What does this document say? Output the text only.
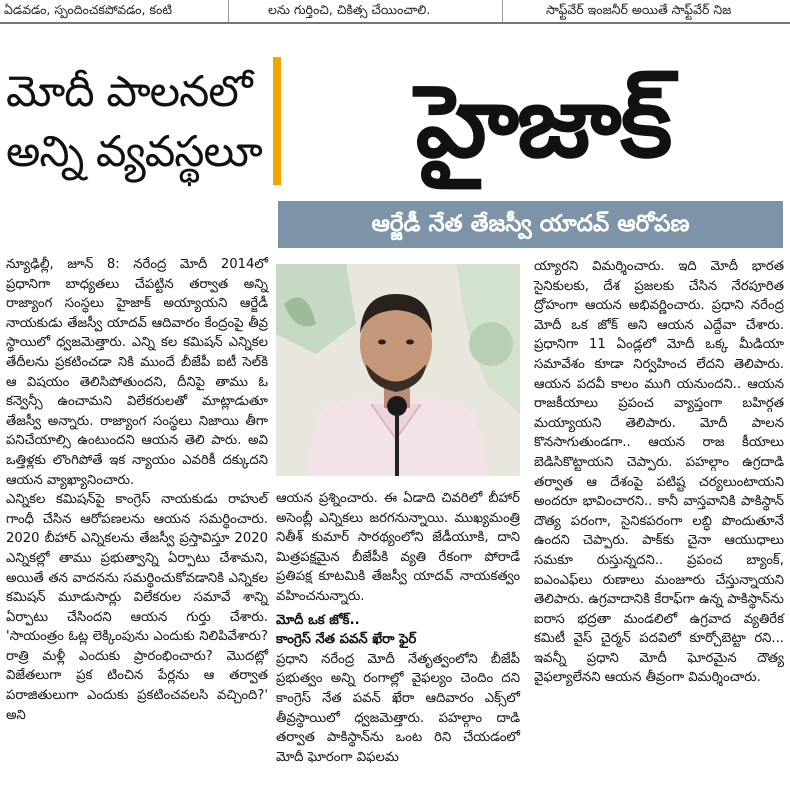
ఏడవడం, స్పందించకపోవడం, కంటి	లను గుర్తించి, చికిత్స చేయించాలి.	సాఫ్ట్‌వేర్ ఇంజనీర్ అయితే సాఫ్ట్‌వేర్ నిజ
మోదీ పాలనలో
అన్ని వ్యవస్థలూ	హైజాక్
ఆర్జేడీ నేత తేజస్వీ యాదవ్ ఆరోపణ

న్యూఢిల్లీ, జూన్ 8: నరేంద్ర మోదీ 2014లో ప్రధానిగా బాధ్యతలు చేపట్టిన తర్వాత అన్ని రాజ్యాంగ సంస్థలు హైజాక్ అయ్యాయని ఆర్జేడీ నాయకుడు తేజస్వీ యాదవ్ ఆదివారం కేంద్రంపై తీవ్ర స్థాయిలో ధ్వజమెత్తారు. ఎన్ని కల కమిషన్ ఎన్నికల తేదీలను ప్రకటించడా నికి ముందే బీజేపీ ఐటీ సెల్‌కి ఆ విషయం తెలిసిపోతుందని, దీనిపై తాము ఓ కన్వెన్సీ ఉంచామని విలేకరులతో మాట్లాడుతూ తేజస్వీ అన్నారు. రాజ్యాంగ సంస్థలు నిజాయి తీగా పనిచేయాల్సి ఉంటుందని ఆయన తెలి పారు. అవి ఒత్తిళ్లకు లొంగిపోతే ఇక న్యాయం ఎవరికీ దక్కుదని ఆయన వ్యాఖ్యానించారు.

ఎన్నికల కమిషన్‌పై కాంగ్రెస్ నాయకుడు రాహుల్ గాంధీ చేసిన ఆరోపణలను ఆయన సమర్థించారు. 2020 బీహార్ ఎన్నికలను తేజస్వీ ప్రస్తావిస్తూ 2020 ఎన్నికల్లో తాము ప్రభుత్వాన్ని ఏర్పాటు చేశామని, అయితే తన వాదనను సమర్థించుకోవడానికి ఎన్నికల కమిషన్ మూడుసార్లు విలేకరుల సమావే శాన్ని ఏర్పాటు చేసిందని ఆయన గుర్తు చేశారు. 'సాయంత్రం ఓట్ల లెక్కింపును ఎందుకు నిలిపివేశారు? రాత్రి మళ్లీ ఎందుకు ప్రారంభించారు? మొదట్లో విజేతలుగా ప్రక టించిన పేర్లను ఆ తర్వాత పరాజితులుగా ఎందుకు ప్రకటించవలసి వచ్చింది?' అని

ఆయన ప్రశ్నించారు. ఈ ఏడాది చివరిలో బీహార్ అసెంబ్లీ ఎన్నికలు జరగనున్నాయి. ముఖ్యమంత్రి నితీశ్ కుమార్ సారథ్యంలోని జేడీయూకి, దాని మిత్రపక్షమైన బీజేపీకి వ్యతి రేకంగా పోరాడే ప్రతిపక్ష కూటమికి తేజస్వీ యాదవ్ నాయకత్వం వహించనున్నారు.

మోదీ ఒక జోక్..

కాంగ్రెస్ నేత పవన్ ఖేరా ఫైర్

ప్రధాని నరేంద్ర మోదీ నేతృత్వంలోని బీజేపీ ప్రభుత్వం అన్ని రంగాల్లో వైఫల్యం చెందిం దని కాంగ్రెస్ నేత పవన్ ఖేరా ఆదివారం ఎక్స్‌లో తీవ్రస్థాయిలో ధ్వజమెత్తారు. పహల్గాం దాడి తర్వాత పాకిస్థాన్‌ను ఒంట రిని చేయడంలో మోదీ ఘోరంగా విఫలమ

య్యారని విమర్శించారు. ఇది మోదీ భారత సైనికులకు, దేశ ప్రజలకు చేసిన నేరపూరిత ద్రోహంగా ఆయన అభివర్ణించారు. ప్రధాని నరేంద్ర మోదీ ఒక జోక్ అని ఆయన ఎద్దేవా చేశారు. ప్రధానిగా 11 ఏండ్లలో మోదీ ఒక్క మీడియా సమావేశం కూడా నిర్వహించ లేదని తెలిపారు. ఆయన పదవీ కాలం ముగి యనుందని.. ఆయన రాజకీయాలు ప్రపంచ వ్యాప్తంగా బహిర్గత మయ్యాయని తెలిపారు. మోదీ పాలన కొనసాగుతుండగా.. ఆయన రాజ కీయాలు బెడిసికొట్టాయని చెప్పారు. పహల్గాం ఉగ్రదాడి తర్వాత ఆ దేశంపై పటిష్ట చర్యలుంటాయని అందరూ భావించారని.. కానీ వాస్తవానికి పాకిస్థాన్ దౌత్య పరంగా, సైనికపరంగా లబ్ధి పొందుతూనే ఉందని చెప్పారు. పాక్‌కు చైనా ఆయుధాలు సమకూ రుస్తున్నదని.. ప్రపంచ బ్యాంక్, ఐఎంఎఫ్‌లు రుణాలు మంజూరు చేస్తున్నాయని తెలిపారు. ఉగ్రవాదానికి కేరాఫ్‌గా ఉన్న పాకిస్థాన్‌ను ఐరాస భద్రతా మండలిలో ఉగ్రవాద వ్యతిరేక కమిటీ వైస్ చైర్మన్ పదవిలో కూర్చోబెట్టా రని... ఇవన్నీ ప్రధాని మోదీ ఘోరమైన దౌత్య వైఫల్యాలేనని ఆయన తీవ్రంగా విమర్శించారు.
